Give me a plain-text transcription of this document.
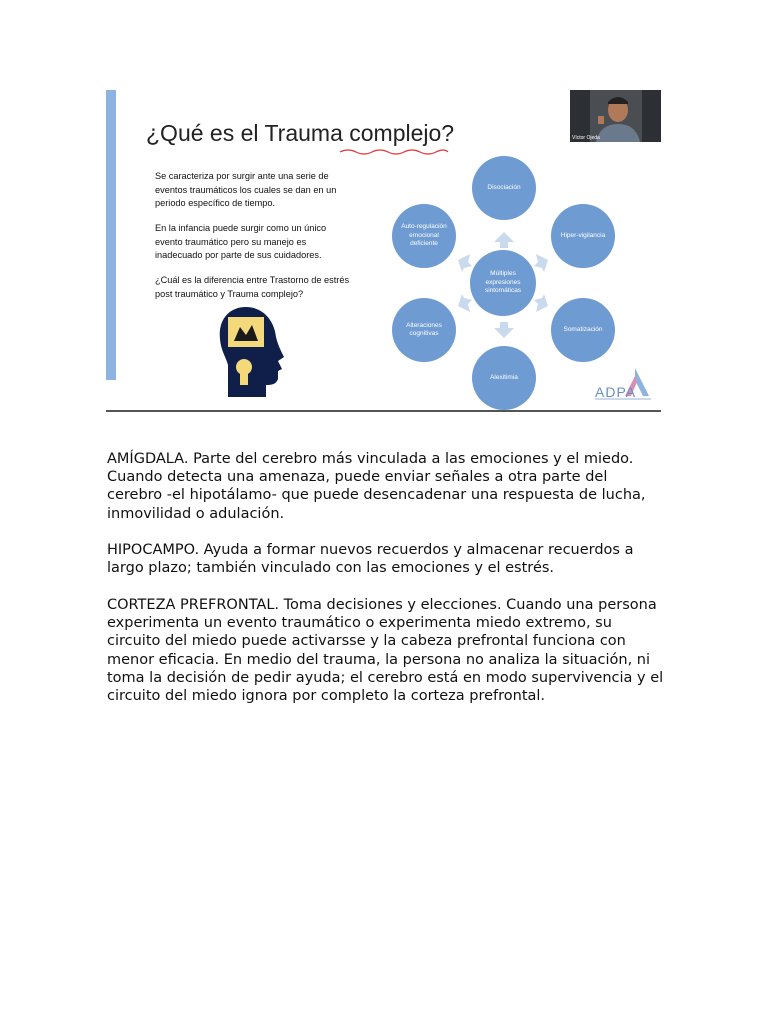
¿Qué es el Trauma complejo?
Se caracteriza por surgir ante una serie de eventos traumáticos los cuales se dan en un periodo específico de tiempo.
En la infancia puede surgir como un único evento traumático pero su manejo es inadecuado por parte de sus cuidadores.
¿Cuál es la diferencia entre Trastorno de estrés post traumático y Trauma complejo?
Múltiples expresiones sintomáticas
Disociación
Hiper-vigilancia
Somatización
Alexitimia
Alteraciones cognitivas
Auto-regulación emocional deficiente
Víctor Ojeda
ADPA

AMÍGDALA. Parte del cerebro más vinculada a las emociones y el miedo. Cuando detecta una amenaza, puede enviar señales a otra parte del cerebro -el hipotálamo- que puede desencadenar una respuesta de lucha, inmovilidad o adulación.

HIPOCAMPO. Ayuda a formar nuevos recuerdos y almacenar recuerdos a largo plazo; también vinculado con las emociones y el estrés.

CORTEZA PREFRONTAL. Toma decisiones y elecciones. Cuando una persona experimenta un evento traumático o experimenta miedo extremo, su circuito del miedo puede activarsse y la cabeza prefrontal funciona con menor eficacia. En medio del trauma, la persona no analiza la situación, ni toma la decisión de pedir ayuda; el cerebro está en modo supervivencia y el circuito del miedo ignora por completo la corteza prefrontal.
